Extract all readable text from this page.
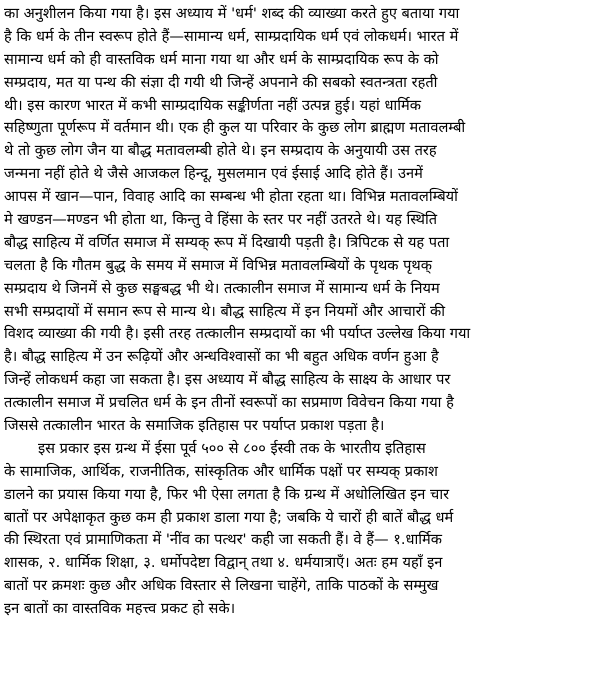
का अनुशीलन किया गया है। इस अध्याय में 'धर्म' शब्द की व्याख्या करते हुए बताया गया
है कि धर्म के तीन स्वरूप होते हैं—सामान्य धर्म, साम्प्रदायिक धर्म एवं लोकधर्म। भारत में
सामान्य धर्म को ही वास्तविक धर्म माना गया था और धर्म के साम्प्रदायिक रूप के को
सम्प्रदाय, मत या पन्थ की संज्ञा दी गयी थी जिन्हें अपनाने की सबको स्वतन्त्रता रहती
थी। इस कारण भारत में कभी साम्प्रदायिक सङ्कीर्णता नहीं उत्पन्न हुई। यहां धार्मिक
सहिष्णुता पूर्णरूप में वर्तमान थी। एक ही कुल या परिवार के कुछ लोग ब्राह्मण मतावलम्बी
थे तो कुछ लोग जैन या बौद्ध मतावलम्बी होते थे। इन सम्प्रदाय के अनुयायी उस तरह
जन्मना नहीं होते थे जैसे आजकल हिन्दू, मुसलमान एवं ईसाई आदि होते हैं। उनमें
आपस में खान—पान, विवाह आदि का सम्बन्ध भी होता रहता था। विभिन्न मतावलम्बियों
मे खण्डन—मण्डन भी होता था, किन्तु वे हिंसा के स्तर पर नहीं उतरते थे। यह स्थिति
बौद्ध साहित्य में वर्णित समाज में सम्यक् रूप में दिखायी पड़ती है। त्रिपिटक से यह पता
चलता है कि गौतम बुद्ध के समय में समाज में विभिन्न मतावलम्बियों के पृथक पृथक्
सम्प्रदाय थे जिनमें से कुछ सङ्घबद्ध भी थे। तत्कालीन समाज में सामान्य धर्म के नियम
सभी सम्प्रदायों में समान रूप से मान्य थे। बौद्ध साहित्य में इन नियमों और आचारों की
विशद व्याख्या की गयी है। इसी तरह तत्कालीन सम्प्रदायों का भी पर्याप्त उल्लेख किया गया
है। बौद्ध साहित्य में उन रूढ़ियों और अन्धविश्वासों का भी बहुत अधिक वर्णन हुआ है
जिन्हें लोकधर्म कहा जा सकता है। इस अध्याय में बौद्ध साहित्य के साक्ष्य के आधार पर
तत्कालीन समाज में प्रचलित धर्म के इन तीनों स्वरूपों का सप्रमाण विवेचन किया गया है
जिससे तत्कालीन भारत के समाजिक इतिहास पर पर्याप्त प्रकाश पड़ता है।
इस प्रकार इस ग्रन्थ में ईसा पूर्व ५०० से ८०० ईस्वी तक के भारतीय इतिहास
के सामाजिक, आर्थिक, राजनीतिक, सांस्कृतिक और धार्मिक पक्षों पर सम्यक् प्रकाश
डालने का प्रयास किया गया है, फिर भी ऐसा लगता है कि ग्रन्थ में अधोलिखित इन चार
बातों पर अपेक्षाकृत कुछ कम ही प्रकाश डाला गया है; जबकि ये चारों ही बातें बौद्ध धर्म
की स्थिरता एवं प्रामाणिकता में 'नींव का पत्थर' कही जा सकती हैं। वे हैं— १.धार्मिक
शासक, २. धार्मिक शिक्षा, ३. धर्मोपदेष्टा विद्वान् तथा ४. धर्मयात्राएँ। अतः हम यहाँ इन
बातों पर क्रमशः कुछ और अधिक विस्तार से लिखना चाहेंगे, ताकि पाठकों के सम्मुख
इन बातों का वास्तविक महत्त्व प्रकट हो सके।
